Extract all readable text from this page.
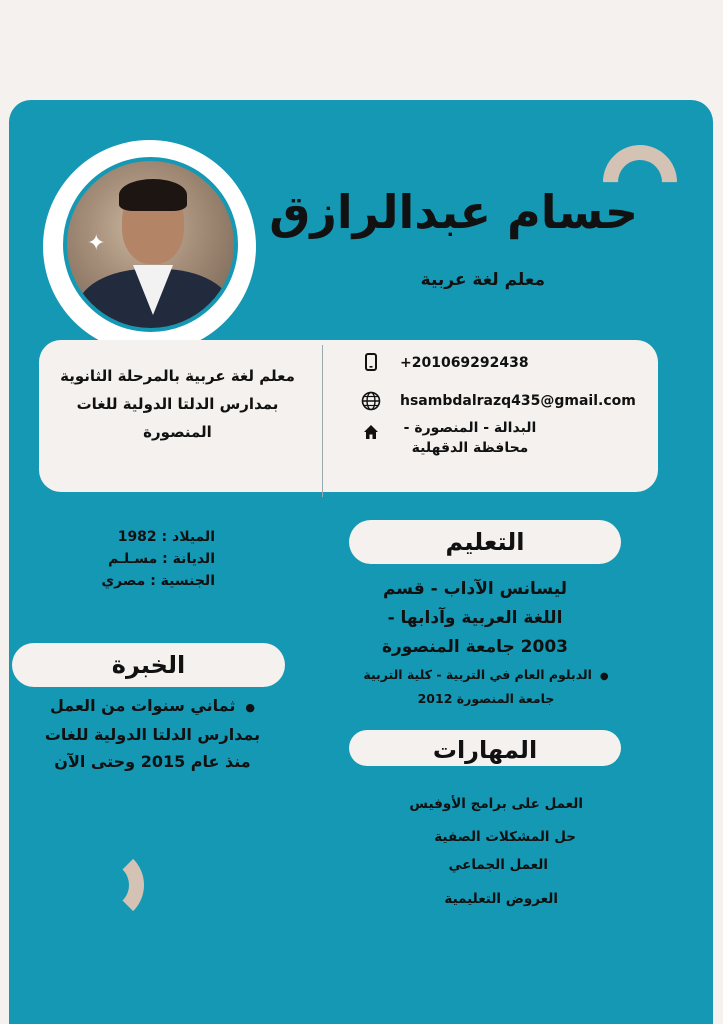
✦
حسام عبدالرازق
معلم لغة عربية
معلم لغة عربية بالمرحلة الثانوية بمدارس الدلتا الدولية للغات المنصورة
+201069292438
hsambdalrazq435@gmail.com
البدالة - المنصورة - محافظة الدقهلية
الميلاد : 1982
الديانة : مسـلـم
الجنسية : مصري
التعليم
ليسانس الآداب - قسم
اللغة العربية وآدابها -
2003 جامعة المنصورة
●الدبلوم العام في التربية - كلية التربية
جامعة المنصورة 2012
الخبرة
●ثماني سنوات من العمل
بمدارس الدلتا الدولية للغات
منذ عام 2015 وحتى الآن	المهارات
العمل على برامج الأوفيس
حل المشكلات الصفية
العمل الجماعي
العروض التعليمية
